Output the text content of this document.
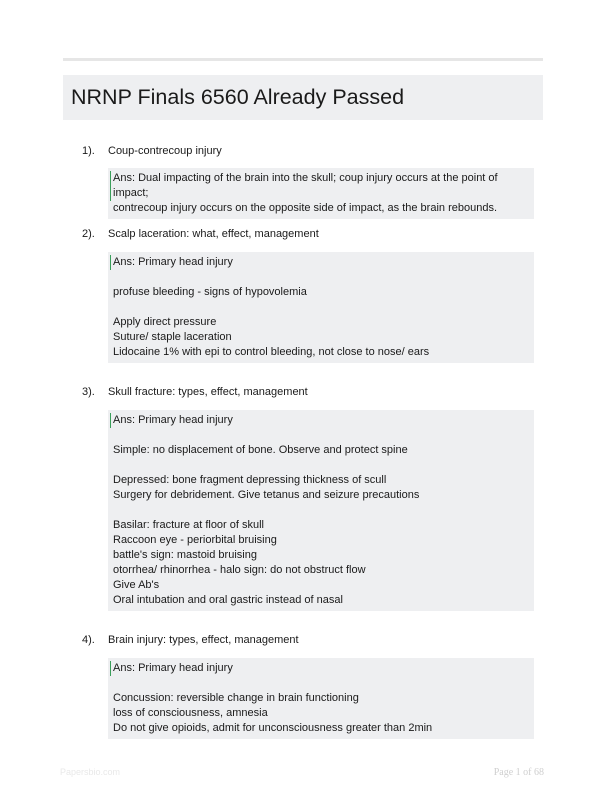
NRNP Finals 6560 Already Passed
1). Coup-contrecoup injury
Ans: Dual impacting of the brain into the skull; coup injury occurs at the point of impact;
contrecoup injury occurs on the opposite side of impact, as the brain rebounds.
2). Scalp laceration: what, effect, management
Ans: Primary head injury
profuse bleeding - signs of hypovolemia
Apply direct pressure
Suture/ staple laceration
Lidocaine 1% with epi to control bleeding, not close to nose/ ears
3). Skull fracture: types, effect, management
Ans: Primary head injury
Simple: no displacement of bone. Observe and protect spine
Depressed: bone fragment depressing thickness of scull
Surgery for debridement. Give tetanus and seizure precautions
Basilar: fracture at floor of skull
Raccoon eye - periorbital bruising
battle's sign: mastoid bruising
otorrhea/ rhinorrhea - halo sign: do not obstruct flow
Give Ab's
Oral intubation and oral gastric instead of nasal
4). Brain injury: types, effect, management
Ans: Primary head injury
Concussion: reversible change in brain functioning
loss of consciousness, amnesia
Do not give opioids, admit for unconsciousness greater than 2min
Papersbio.com	Page 1 of 68
